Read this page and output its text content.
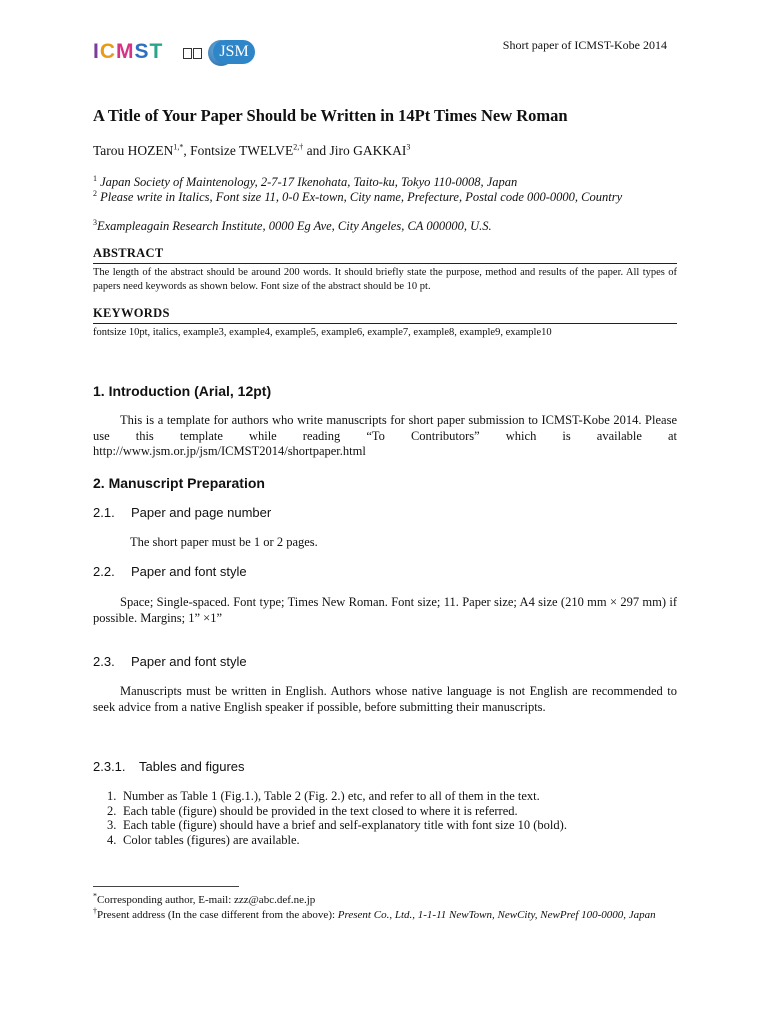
ICMST	JSM	Short paper of ICMST-Kobe 2014
A Title of Your Paper Should be Written in 14Pt Times New Roman
Tarou $HOZEN^{1,*}$, Fontsize $TWELVE^{2,\dagger}$ and Jiro GAKKAI$^3$
$^1$ Japan Society of Maintenology, 2-7-17 Ikenohata, Taito-ku, Tokyo 110-0008, Japan
$^2$ Please write in Italics, Font size 11, 0-0 Ex-town, City name, Prefecture, Postal code 000-0000, Country
$^3$Exampleagain Research Institute, 0000 Eg Ave, City Angeles, CA 000000, U.S.
ABSTRACT
The length of the abstract should be around 200 words. It should briefly state the purpose, method and results of the paper. All types of papers need keywords as shown below. Font size of the abstract should be 10 pt.
KEYWORDS
fontsize 10pt, italics, example3, example4, example5, example6, example7, example8, example9, example10
1. Introduction (Arial, 12pt)
This is a template for authors who write manuscripts for short paper submission to ICMST-Kobe 2014. Please use this template while reading “To Contributors” which is available at http://www.jsm.or.jp/jsm/ICMST2014/shortpaper.html
2. Manuscript Preparation
2.1. Paper and page number
The short paper must be 1 or 2 pages.
2.2. Paper and font style
Space; Single-spaced. Font type; Times New Roman. Font size; 11. Paper size; A4 size (210 mm × 297 mm) if possible. Margins; 1” ×1”
2.3. Paper and font style
Manuscripts must be written in English. Authors whose native language is not English are recommended to seek advice from a native English speaker if possible, before submitting their manuscripts.
2.3.1. Tables and figures
1. Number as Table 1 (Fig.1.), Table 2 (Fig. 2.) etc, and refer to all of them in the text.
2. Each table (figure) should be provided in the text closed to where it is referred.
3. Each table (figure) should have a brief and self-explanatory title with font size 10 (bold).
4. Color tables (figures) are available.
*Corresponding author, E-mail: zzz@abc.def.ne.jp
†Present address (In the case different from the above): Present Co., Ltd., 1-1-11 NewTown, NewCity, NewPref 100-0000, Japan
